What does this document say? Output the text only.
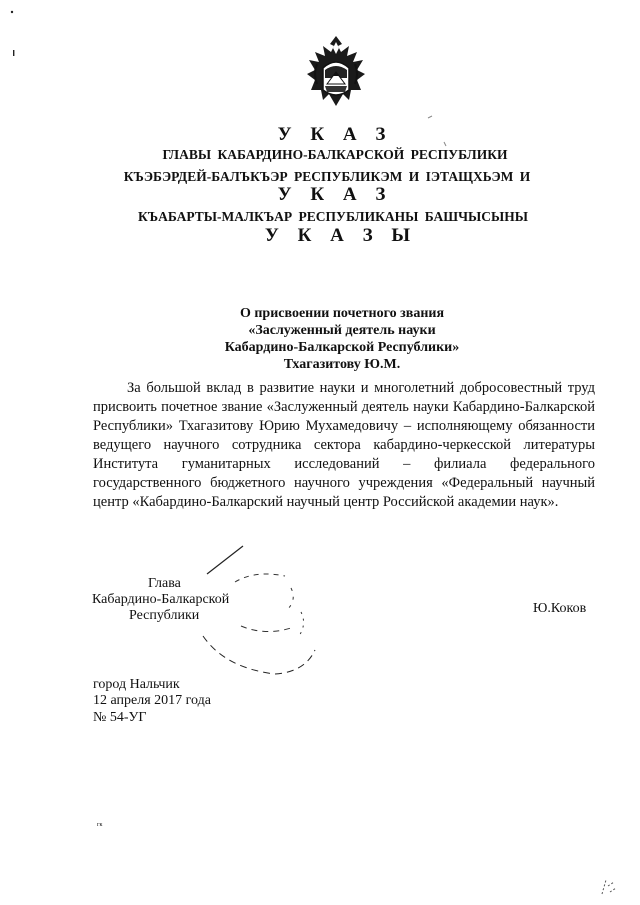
У К А З
ГЛАВЫ КАБАРДИНО-БАЛКАРСКОЙ РЕСПУБЛИКИ
КЪЭБЭРДЕЙ-БАЛЪКЪЭР РЕСПУБЛИКЭМ И ІЭТАЩХЬЭМ И
У К А З
КЪАБАРТЫ-МАЛКЪАР РЕСПУБЛИКАНЫ БАШЧЫСЫНЫ
У К А З Ы
О присвоении почетного звания
«Заслуженный деятель науки
Кабардино-Балкарской Республики»
Тхагазитову Ю.М.

За большой вклад в развитие науки и многолетний добросовестный труд присвоить почетное звание «Заслуженный деятель науки Кабардино-Балкарской Республики» Тхагазитову Юрию Мухамедовичу – исполняющему обязанности ведущего научного сотрудника сектора кабардино-черкесской литературы Института гуманитарных исследований – филиала федерального государственного бюджетного научного учреждения «Федеральный научный центр «Кабардино-Балкарский научный центр Российской академии наук».

Глава
Кабардино-Балкарской
Республики	Ю.Коков
город Нальчик
12 апреля 2017 года
№ 54-УГ
гк
